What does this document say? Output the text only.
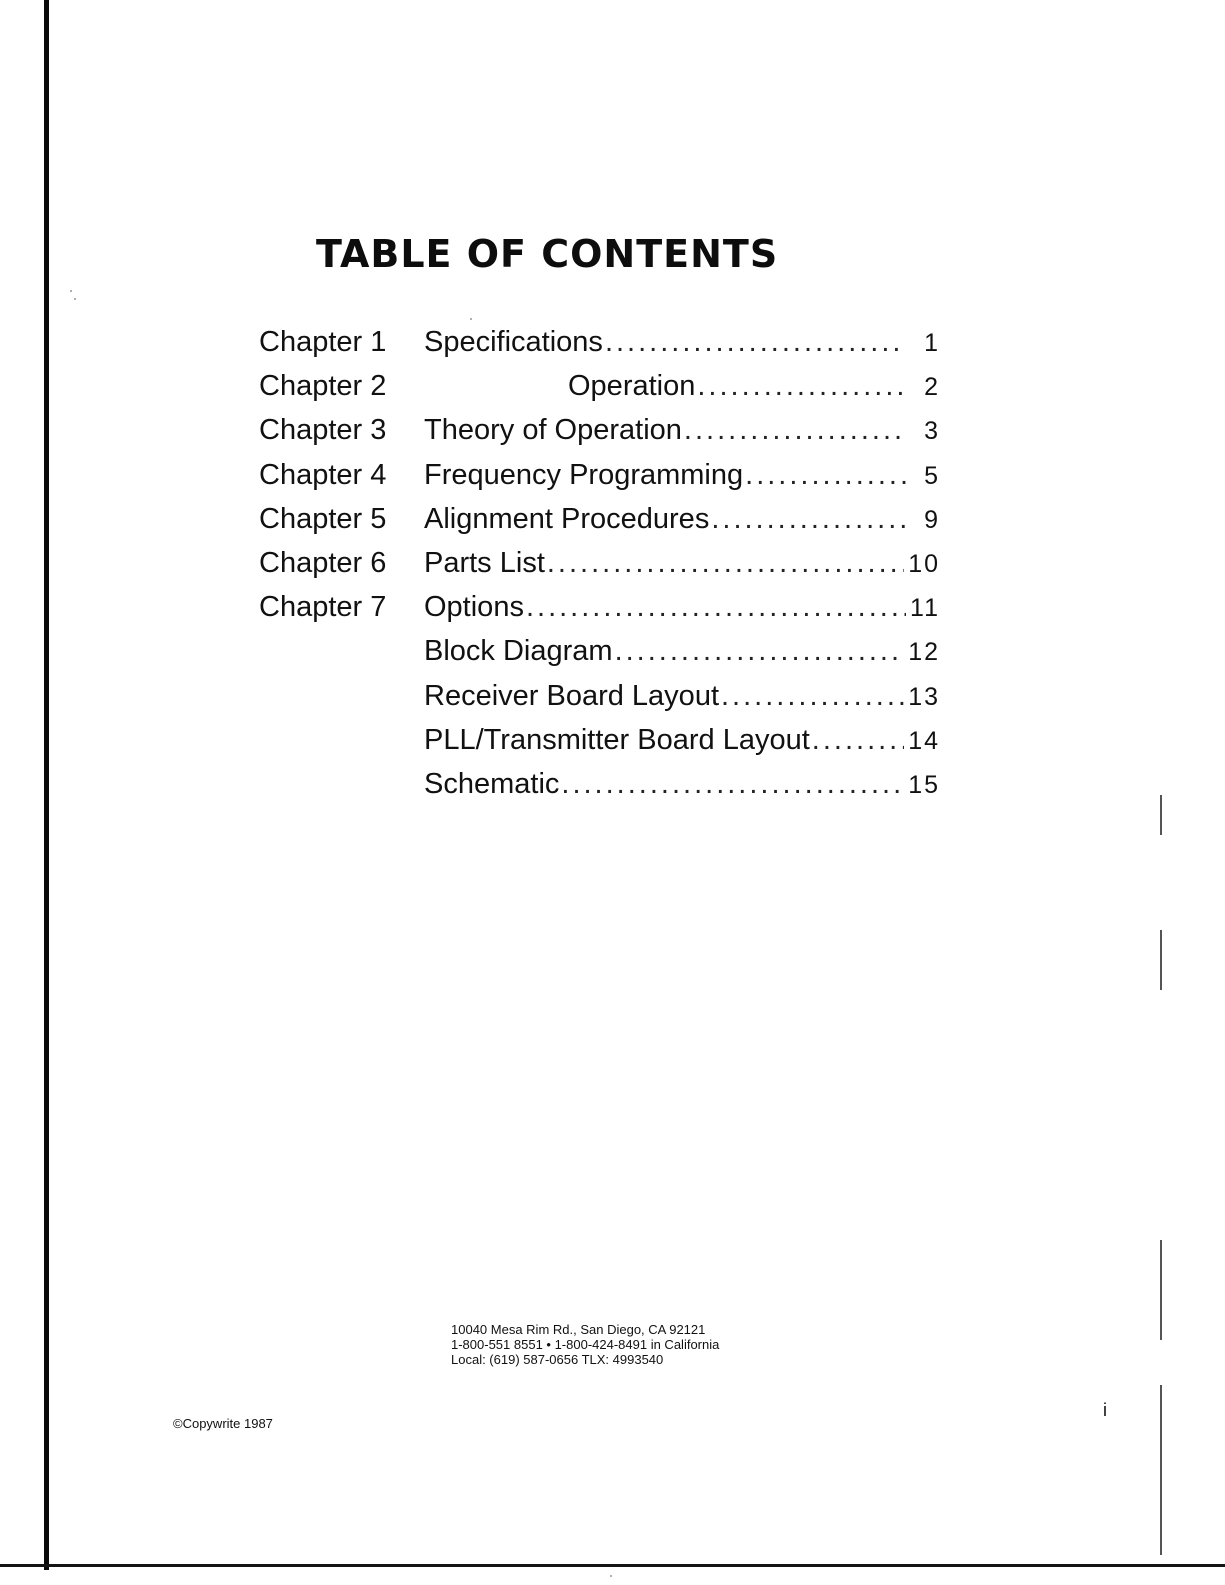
TABLE OF CONTENTS
Chapter 1 Specifications .....	1
Chapter 2	Operation .....	2
Chapter 3 Theory of Operation .....	3
Chapter 4 Frequency Programming .....	5
Chapter 5 Alignment Procedures .....	9
Chapter 6 Parts List .....	10
Chapter 7 Options .....	11
Block Diagram .....	12
Receiver Board Layout .....	13
PLL/Transmitter Board Layout .....	14
Schematic .....	15
10040 Mesa Rim Rd., San Diego, CA 92121
1-800-551 8551 • 1-800-424-8491 in California
Local: (619) 587-0656 TLX: 4993540
©Copywrite 1987
i
